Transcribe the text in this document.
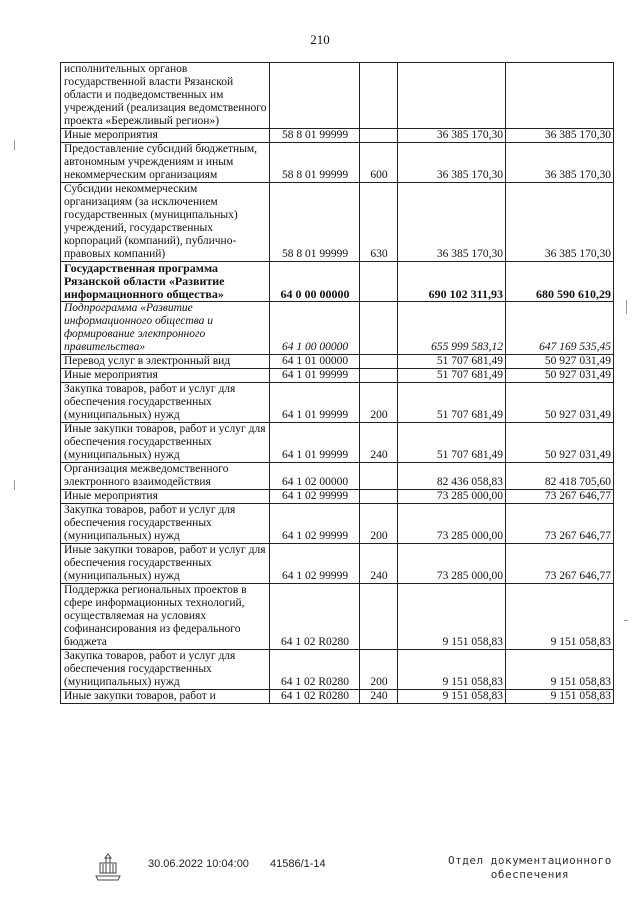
210
исполнительных органов государственной власти Рязанской области и подведомственных им учреждений (реализация ведомственного проекта «Бережливый регион»)				
Иные мероприятия	58 8 01 99999		36 385 170,30	36 385 170,30
Предоставление субсидий бюджетным, автономным учреждениям и иным некоммерческим организациям	58 8 01 99999	600	36 385 170,30	36 385 170,30
Субсидии некоммерческим организациям (за исключением государственных (муниципальных) учреждений, государственных корпораций (компаний), публично-правовых компаний)	58 8 01 99999	630	36 385 170,30	36 385 170,30
Государственная программа Рязанской области «Развитие информационного общества»	64 0 00 00000		690 102 311,93	680 590 610,29
Подпрограмма «Развитие информационного общества и формирование электронного правительства»	64 1 00 00000		655 999 583,12	647 169 535,45
Перевод услуг в электронный вид	64 1 01 00000		51 707 681,49	50 927 031,49
Иные мероприятия	64 1 01 99999		51 707 681,49	50 927 031,49
Закупка товаров, работ и услуг для обеспечения государственных (муниципальных) нужд	64 1 01 99999	200	51 707 681,49	50 927 031,49
Иные закупки товаров, работ и услуг для обеспечения государственных (муниципальных) нужд	64 1 01 99999	240	51 707 681,49	50 927 031,49
Организация межведомственного электронного взаимодействия	64 1 02 00000		82 436 058,83	82 418 705,60
Иные мероприятия	64 1 02 99999		73 285 000,00	73 267 646,77
Закупка товаров, работ и услуг для обеспечения государственных (муниципальных) нужд	64 1 02 99999	200	73 285 000,00	73 267 646,77
Иные закупки товаров, работ и услуг для обеспечения государственных (муниципальных) нужд	64 1 02 99999	240	73 285 000,00	73 267 646,77
Поддержка региональных проектов в сфере информационных технологий, осуществляемая на условиях софинансирования из федерального бюджета	64 1 02 R0280		9 151 058,83	9 151 058,83
Закупка товаров, работ и услуг для обеспечения государственных (муниципальных) нужд	64 1 02 R0280	200	9 151 058,83	9 151 058,83
Иные закупки товаров, работ и	64 1 02 R0280	240	9 151 058,83	9 151 058,83
30.06.2022 10:04:00 41586/1-14	Отдел документационного
обеспечения
